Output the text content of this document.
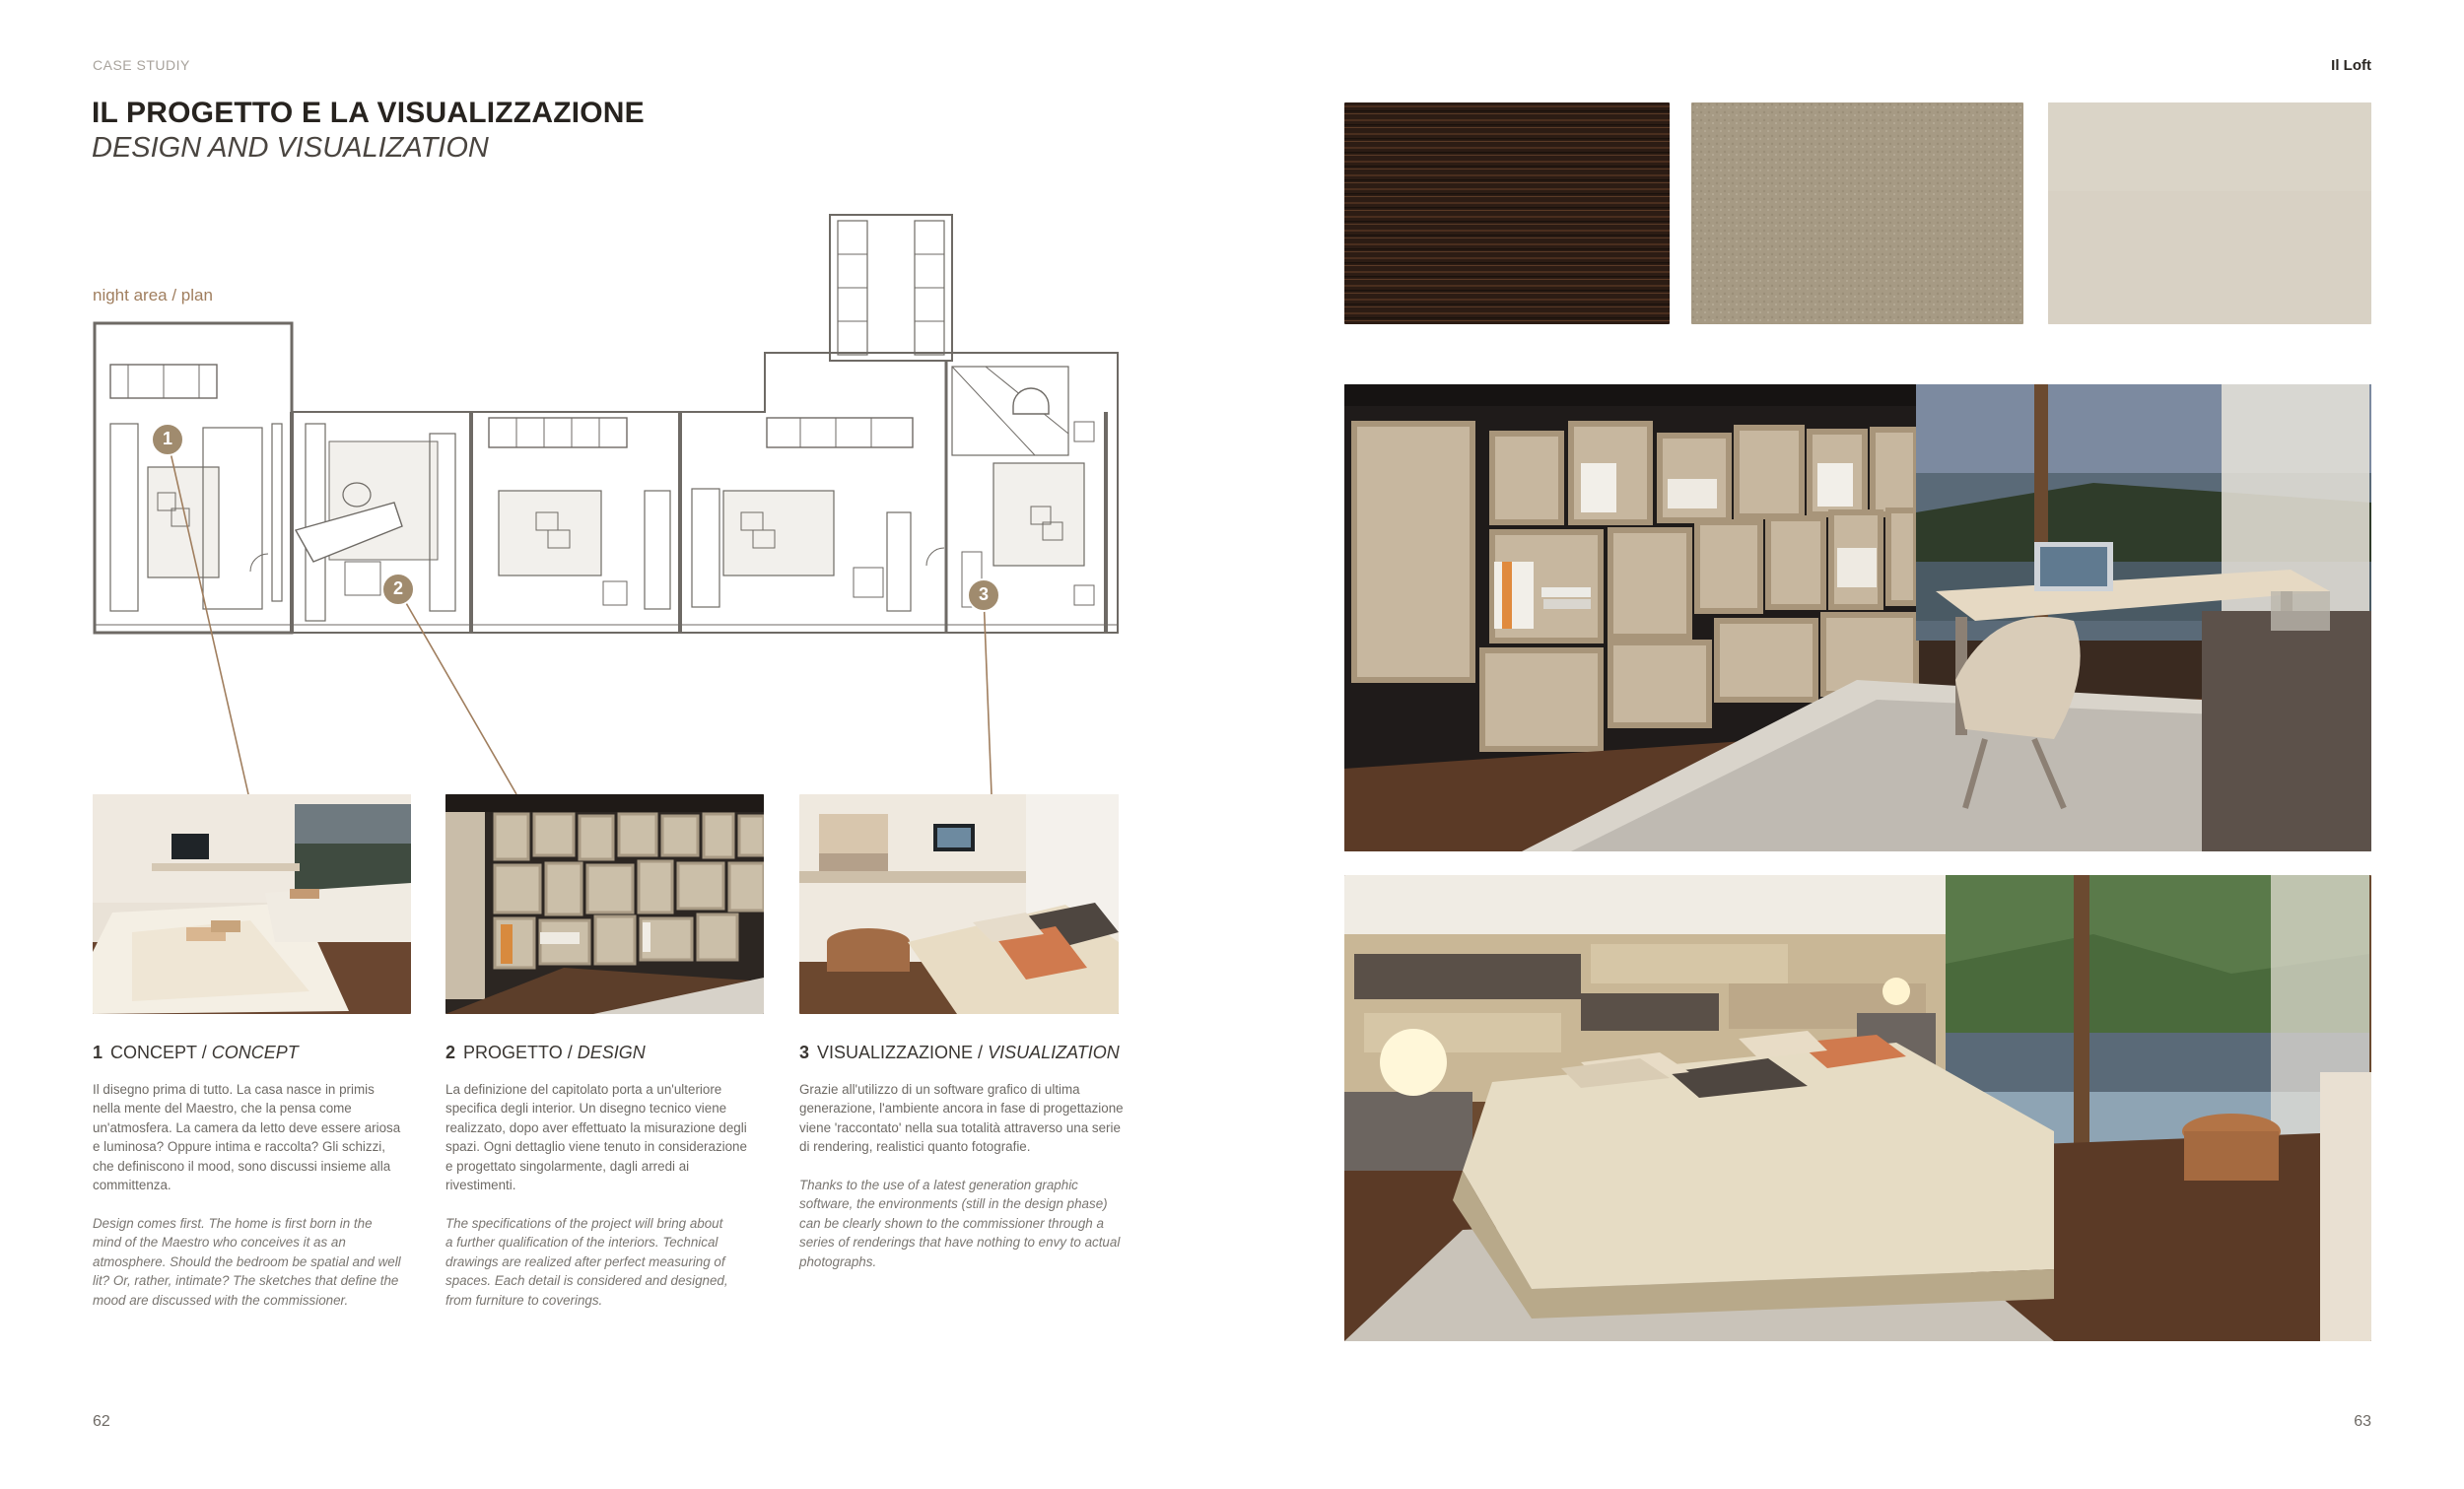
CASE STUDIY
IL PROGETTO E LA VISUALIZZAZIONE
DESIGN AND VISUALIZATION
night area / plan
1
2	3
1 CONCEPT / CONCEPT
Il disegno prima di tutto. La casa nasce in primis
nella mente del Maestro, che la pensa come
un'atmosfera. La camera da letto deve essere ariosa
e luminosa? Oppure intima e raccolta? Gli schizzi,
che definiscono il mood, sono discussi insieme alla
committenza.
Design comes first. The home is first born in the
mind of the Maestro who conceives it as an
atmosphere. Should the bedroom be spatial and well
lit? Or, rather, intimate? The sketches that define the
mood are discussed with the commissioner.
2 PROGETTO / DESIGN
La definizione del capitolato porta a un'ulteriore
specifica degli interior. Un disegno tecnico viene
realizzato, dopo aver effettuato la misurazione degli
spazi. Ogni dettaglio viene tenuto in considerazione
e progettato singolarmente, dagli arredi ai
rivestimenti.
The specifications of the project will bring about
a further qualification of the interiors. Technical
drawings are realized after perfect measuring of
spaces. Each detail is considered and designed,
from furniture to coverings.
3 VISUALIZZAZIONE / VISUALIZATION
Grazie all'utilizzo di un software grafico di ultima
generazione, l'ambiente ancora in fase di progettazione
viene 'raccontato' nella sua totalità attraverso una serie
di rendering, realistici quanto fotografie.
Thanks to the use of a latest generation graphic
software, the environments (still in the design phase)
can be clearly shown to the commissioner through a
series of renderings that have nothing to envy to actual
photographs.
62
Il Loft
63
